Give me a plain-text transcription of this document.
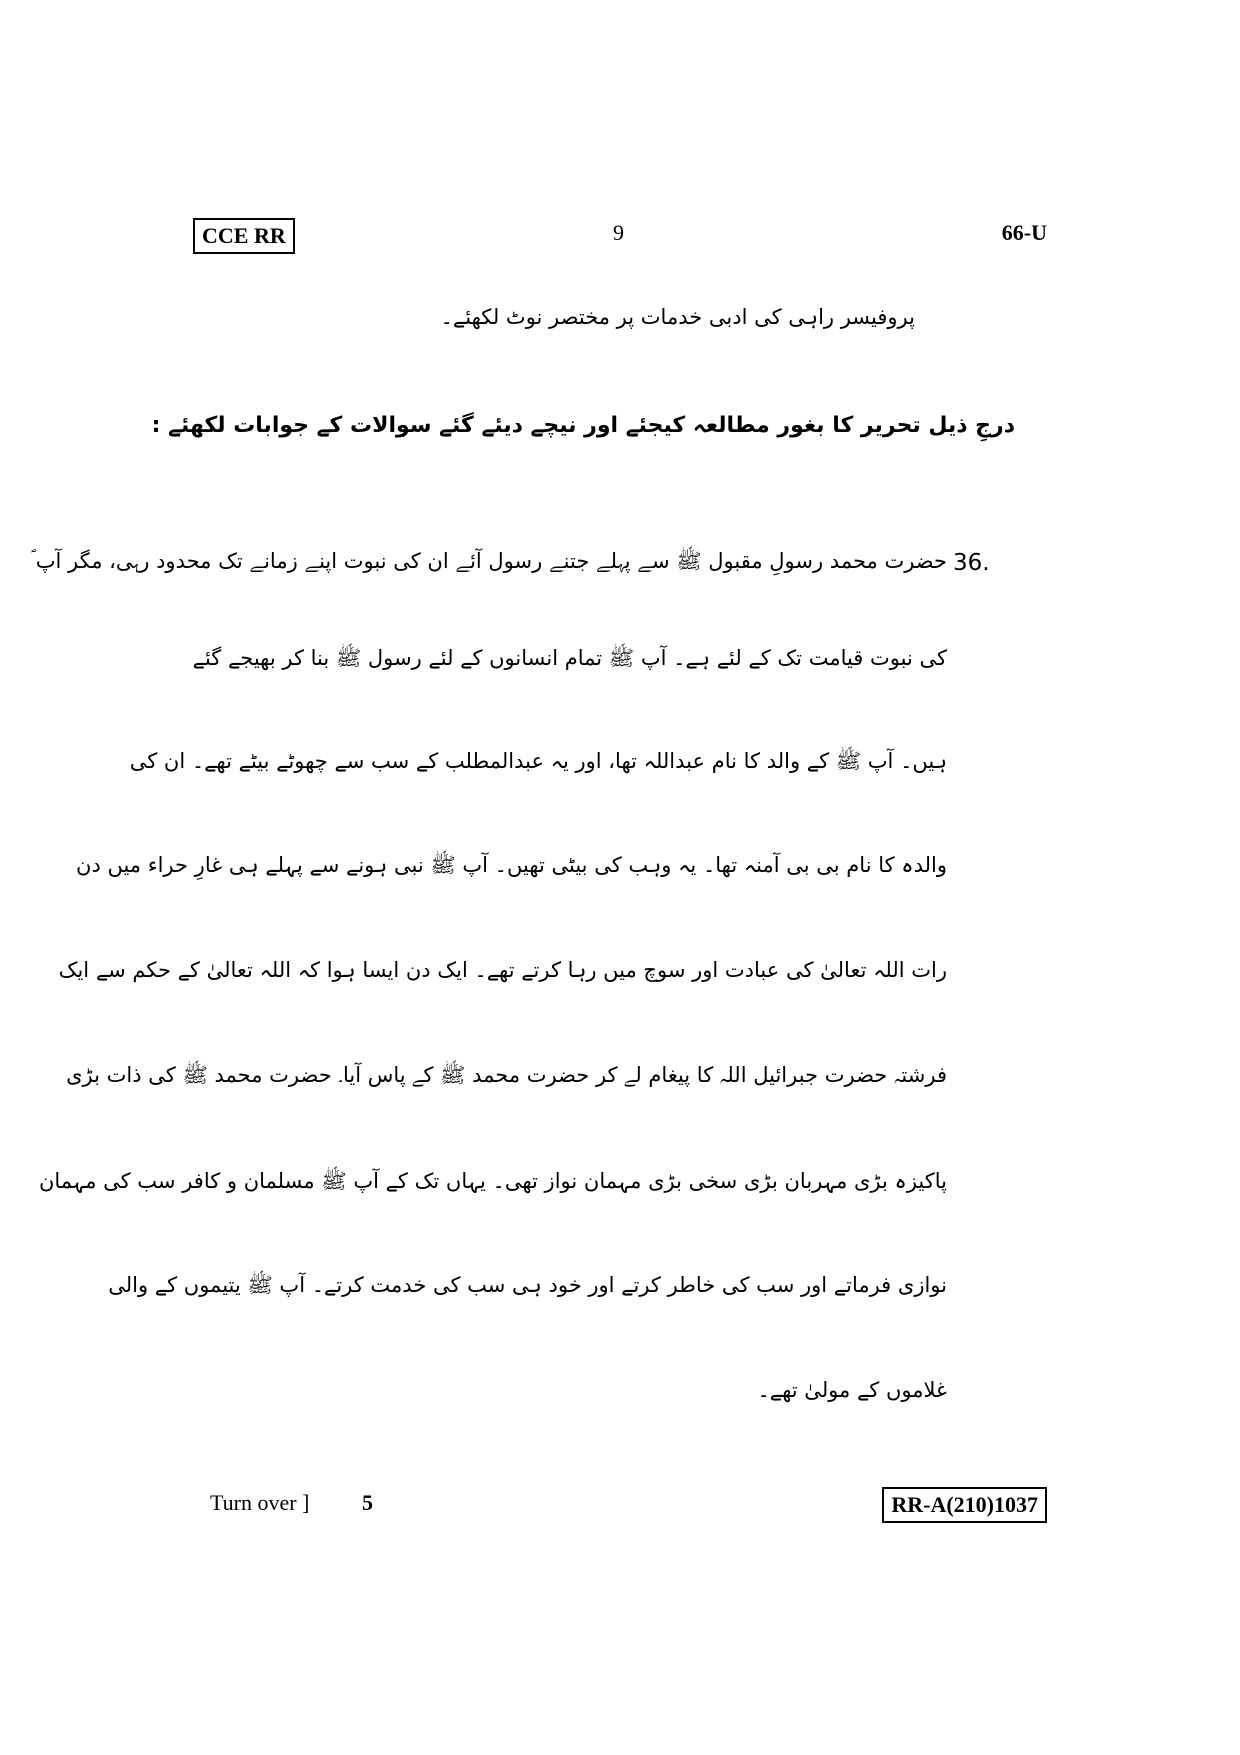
CCE RR	9	66-U
پروفیسر راہی کی ادبی خدمات پر مختصر نوٹ لکھئے۔
درجِ ذیل تحریر کا بغور مطالعہ کیجئے اور نیچے دیئے گئے سوالات کے جوابات لکھئے :
36.
حضرت محمد رسولِ مقبول ﷺ سے پہلے جتنے رسول آئے ان کی نبوت اپنے زمانے تک محدود رہی، مگر آپ ؐ
کی نبوت قیامت تک کے لئے ہے۔ آپ ﷺ تمام انسانوں کے لئے رسول ﷺ بنا کر بھیجے گئے
ہیں۔ آپ ﷺ کے والد کا نام عبداللہ تھا، اور یہ عبدالمطلب کے سب سے چھوٹے بیٹے تھے۔ ان کی
والدہ کا نام بی بی آمنہ تھا۔ یہ وہب کی بیٹی تھیں۔ آپ ﷺ نبی ہونے سے پہلے ہی غارِ حراء میں دن
رات اللہ تعالیٰ کی عبادت اور سوچ میں رہا کرتے تھے۔ ایک دن ایسا ہوا کہ اللہ تعالیٰ کے حکم سے ایک
فرشتہ حضرت جبرائیل اللہ کا پیغام لے کر حضرت محمد ﷺ کے پاس آیا۔ حضرت محمد ﷺ کی ذات بڑی
پاکیزہ بڑی مہربان بڑی سخی بڑی مہمان نواز تھی۔ یہاں تک کے آپ ﷺ مسلمان و کافر سب کی مہمان
نوازی فرماتے اور سب کی خاطر کرتے اور خود ہی سب کی خدمت کرتے۔ آپ ﷺ یتیموں کے والی
غلاموں کے مولیٰ تھے۔
Turn over ] 5	RR-A(210)1037
